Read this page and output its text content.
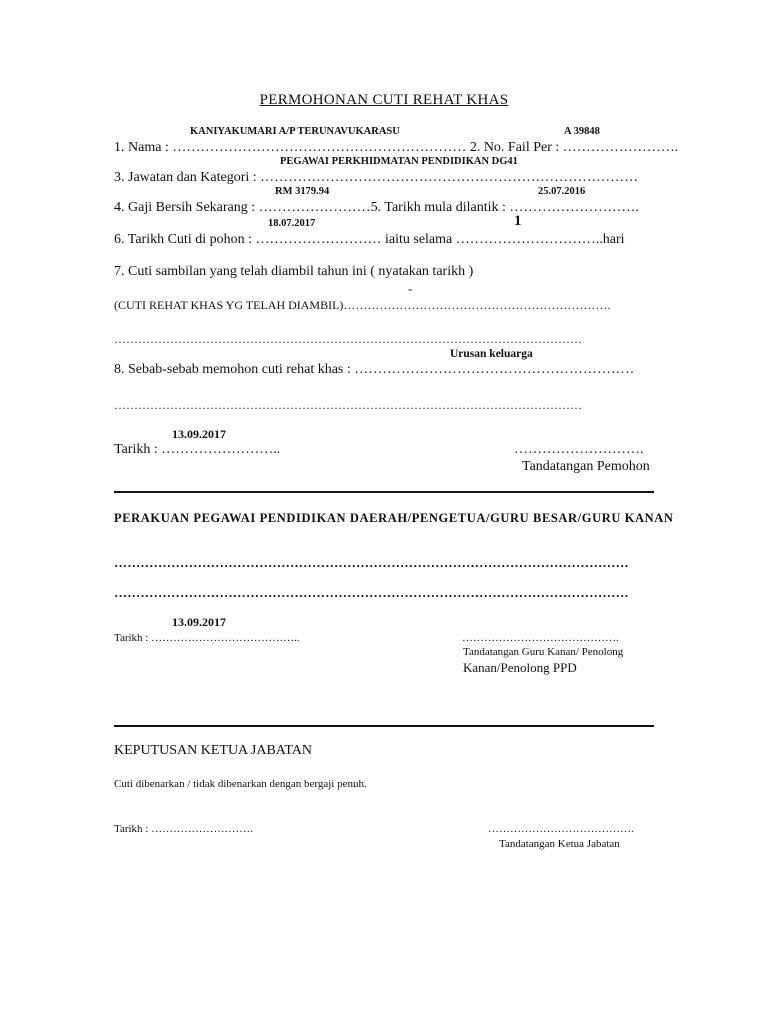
PERMOHONAN CUTI REHAT KHAS
KANIYAKUMARI A/P TERUNAVUKARASU	A 39848
1. Nama : ……………………………………………………… 2. No. Fail Per : …………………….
PEGAWAI PERKHIDMATAN PENDIDIKAN DG41
3. Jawatan dan Kategori : ………………………………………………………………………
RM 3179.94	25.07.2016
4. Gaji Bersih Sekarang : ……………………5. Tarikh mula dilantik : ……………………….
18.07.2017	1
6. Tarikh Cuti di pohon : ……………………… iaitu selama …………………………..hari
7. Cuti sambilan yang telah diambil tahun ini ( nyatakan tarikh )
-
(CUTI REHAT KHAS YG TELAH DIAMBIL)………………………………………………………….
………………………………………………………………………………………………………
Urusan keluarga
8. Sebab-sebab memohon cuti rehat khas : ……………………………………………………
………………………………………………………………………………………………………
13.09.2017
Tarikh : ……………………..	……………………….
Tandatangan Pemohon
PERAKUAN PEGAWAI PENDIDIKAN DAERAH/PENGETUA/GURU BESAR/GURU KANAN
………………………………………………………………………………………………………
………………………………………………………………………………………………………
13.09.2017
Tarikh : …………………………………..	…………………………………….
Tandatangan Guru Kanan/ Penolong
Kanan/Penolong PPD
KEPUTUSAN KETUA JABATAN
Cuti dibenarkan / tidak dibenarkan dengan bergaji penuh.
Tarikh : ……………………….	………………………………….
Tandatangan Ketua Jabatan
